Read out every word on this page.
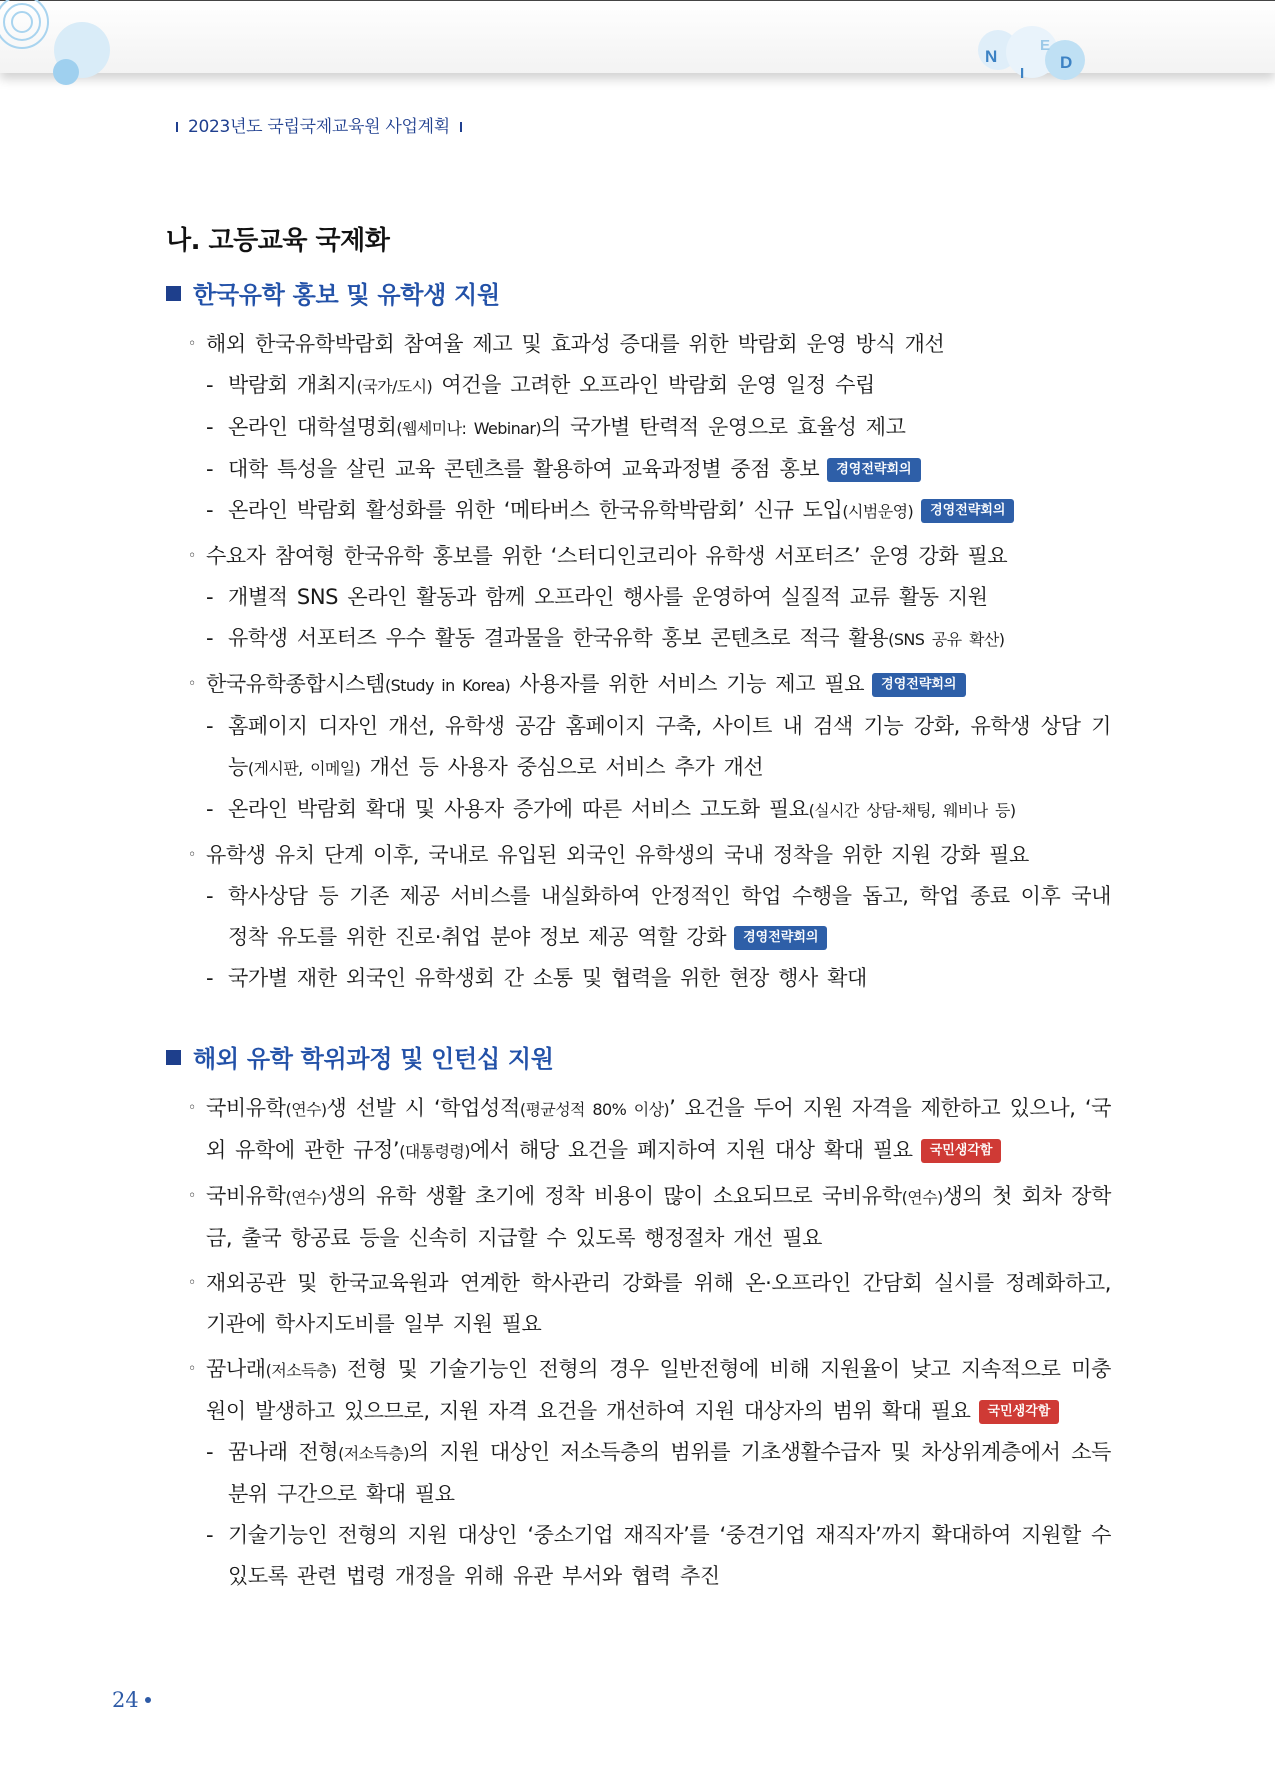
N
I
E
D
2023년도 국립국제교육원 사업계획
나. 고등교육 국제화
한국유학 홍보 및 유학생 지원
◦ 해외 한국유학박람회 참여율 제고 및 효과성 증대를 위한 박람회 운영 방식 개선
- 박람회 개최지(국가/도시) 여건을 고려한 오프라인 박람회 운영 일정 수립
- 온라인 대학설명회(웹세미나: Webinar)의 국가별 탄력적 운영으로 효율성 제고
- 대학 특성을 살린 교육 콘텐츠를 활용하여 교육과정별 중점 홍보 경영전략회의
- 온라인 박람회 활성화를 위한 ‘메타버스 한국유학박람회’ 신규 도입(시범운영) 경영전략회의
◦ 수요자 참여형 한국유학 홍보를 위한 ‘스터디인코리아 유학생 서포터즈’ 운영 강화 필요
- 개별적 SNS 온라인 활동과 함께 오프라인 행사를 운영하여 실질적 교류 활동 지원
- 유학생 서포터즈 우수 활동 결과물을 한국유학 홍보 콘텐츠로 적극 활용(SNS 공유 확산)
◦ 한국유학종합시스템(Study in Korea) 사용자를 위한 서비스 기능 제고 필요 경영전략회의
- 홈페이지 디자인 개선, 유학생 공감 홈페이지 구축, 사이트 내 검색 기능 강화, 유학생 상담 기능(게시판, 이메일) 개선 등 사용자 중심으로 서비스 추가 개선
- 온라인 박람회 확대 및 사용자 증가에 따른 서비스 고도화 필요(실시간 상담-채팅, 웨비나 등)
◦ 유학생 유치 단계 이후, 국내로 유입된 외국인 유학생의 국내 정착을 위한 지원 강화 필요
- 학사상담 등 기존 제공 서비스를 내실화하여 안정적인 학업 수행을 돕고, 학업 종료 이후 국내 정착 유도를 위한 진로·취업 분야 정보 제공 역할 강화 경영전략회의
- 국가별 재한 외국인 유학생회 간 소통 및 협력을 위한 현장 행사 확대
해외 유학 학위과정 및 인턴십 지원
◦ 국비유학(연수)생 선발 시 ‘학업성적(평균성적 80% 이상)’ 요건을 두어 지원 자격을 제한하고 있으나, ‘국외 유학에 관한 규정’(대통령령)에서 해당 요건을 폐지하여 지원 대상 확대 필요 국민생각함
◦ 국비유학(연수)생의 유학 생활 초기에 정착 비용이 많이 소요되므로 국비유학(연수)생의 첫 회차 장학금, 출국 항공료 등을 신속히 지급할 수 있도록 행정절차 개선 필요
◦ 재외공관 및 한국교육원과 연계한 학사관리 강화를 위해 온·오프라인 간담회 실시를 정례화하고, 기관에 학사지도비를 일부 지원 필요
◦ 꿈나래(저소득층) 전형 및 기술기능인 전형의 경우 일반전형에 비해 지원율이 낮고 지속적으로 미충원이 발생하고 있으므로, 지원 자격 요건을 개선하여 지원 대상자의 범위 확대 필요 국민생각함
- 꿈나래 전형(저소득층)의 지원 대상인 저소득층의 범위를 기초생활수급자 및 차상위계층에서 소득분위 구간으로 확대 필요
- 기술기능인 전형의 지원 대상인 ‘중소기업 재직자’를 ‘중견기업 재직자’까지 확대하여 지원할 수 있도록 관련 법령 개정을 위해 유관 부서와 협력 추진
24
